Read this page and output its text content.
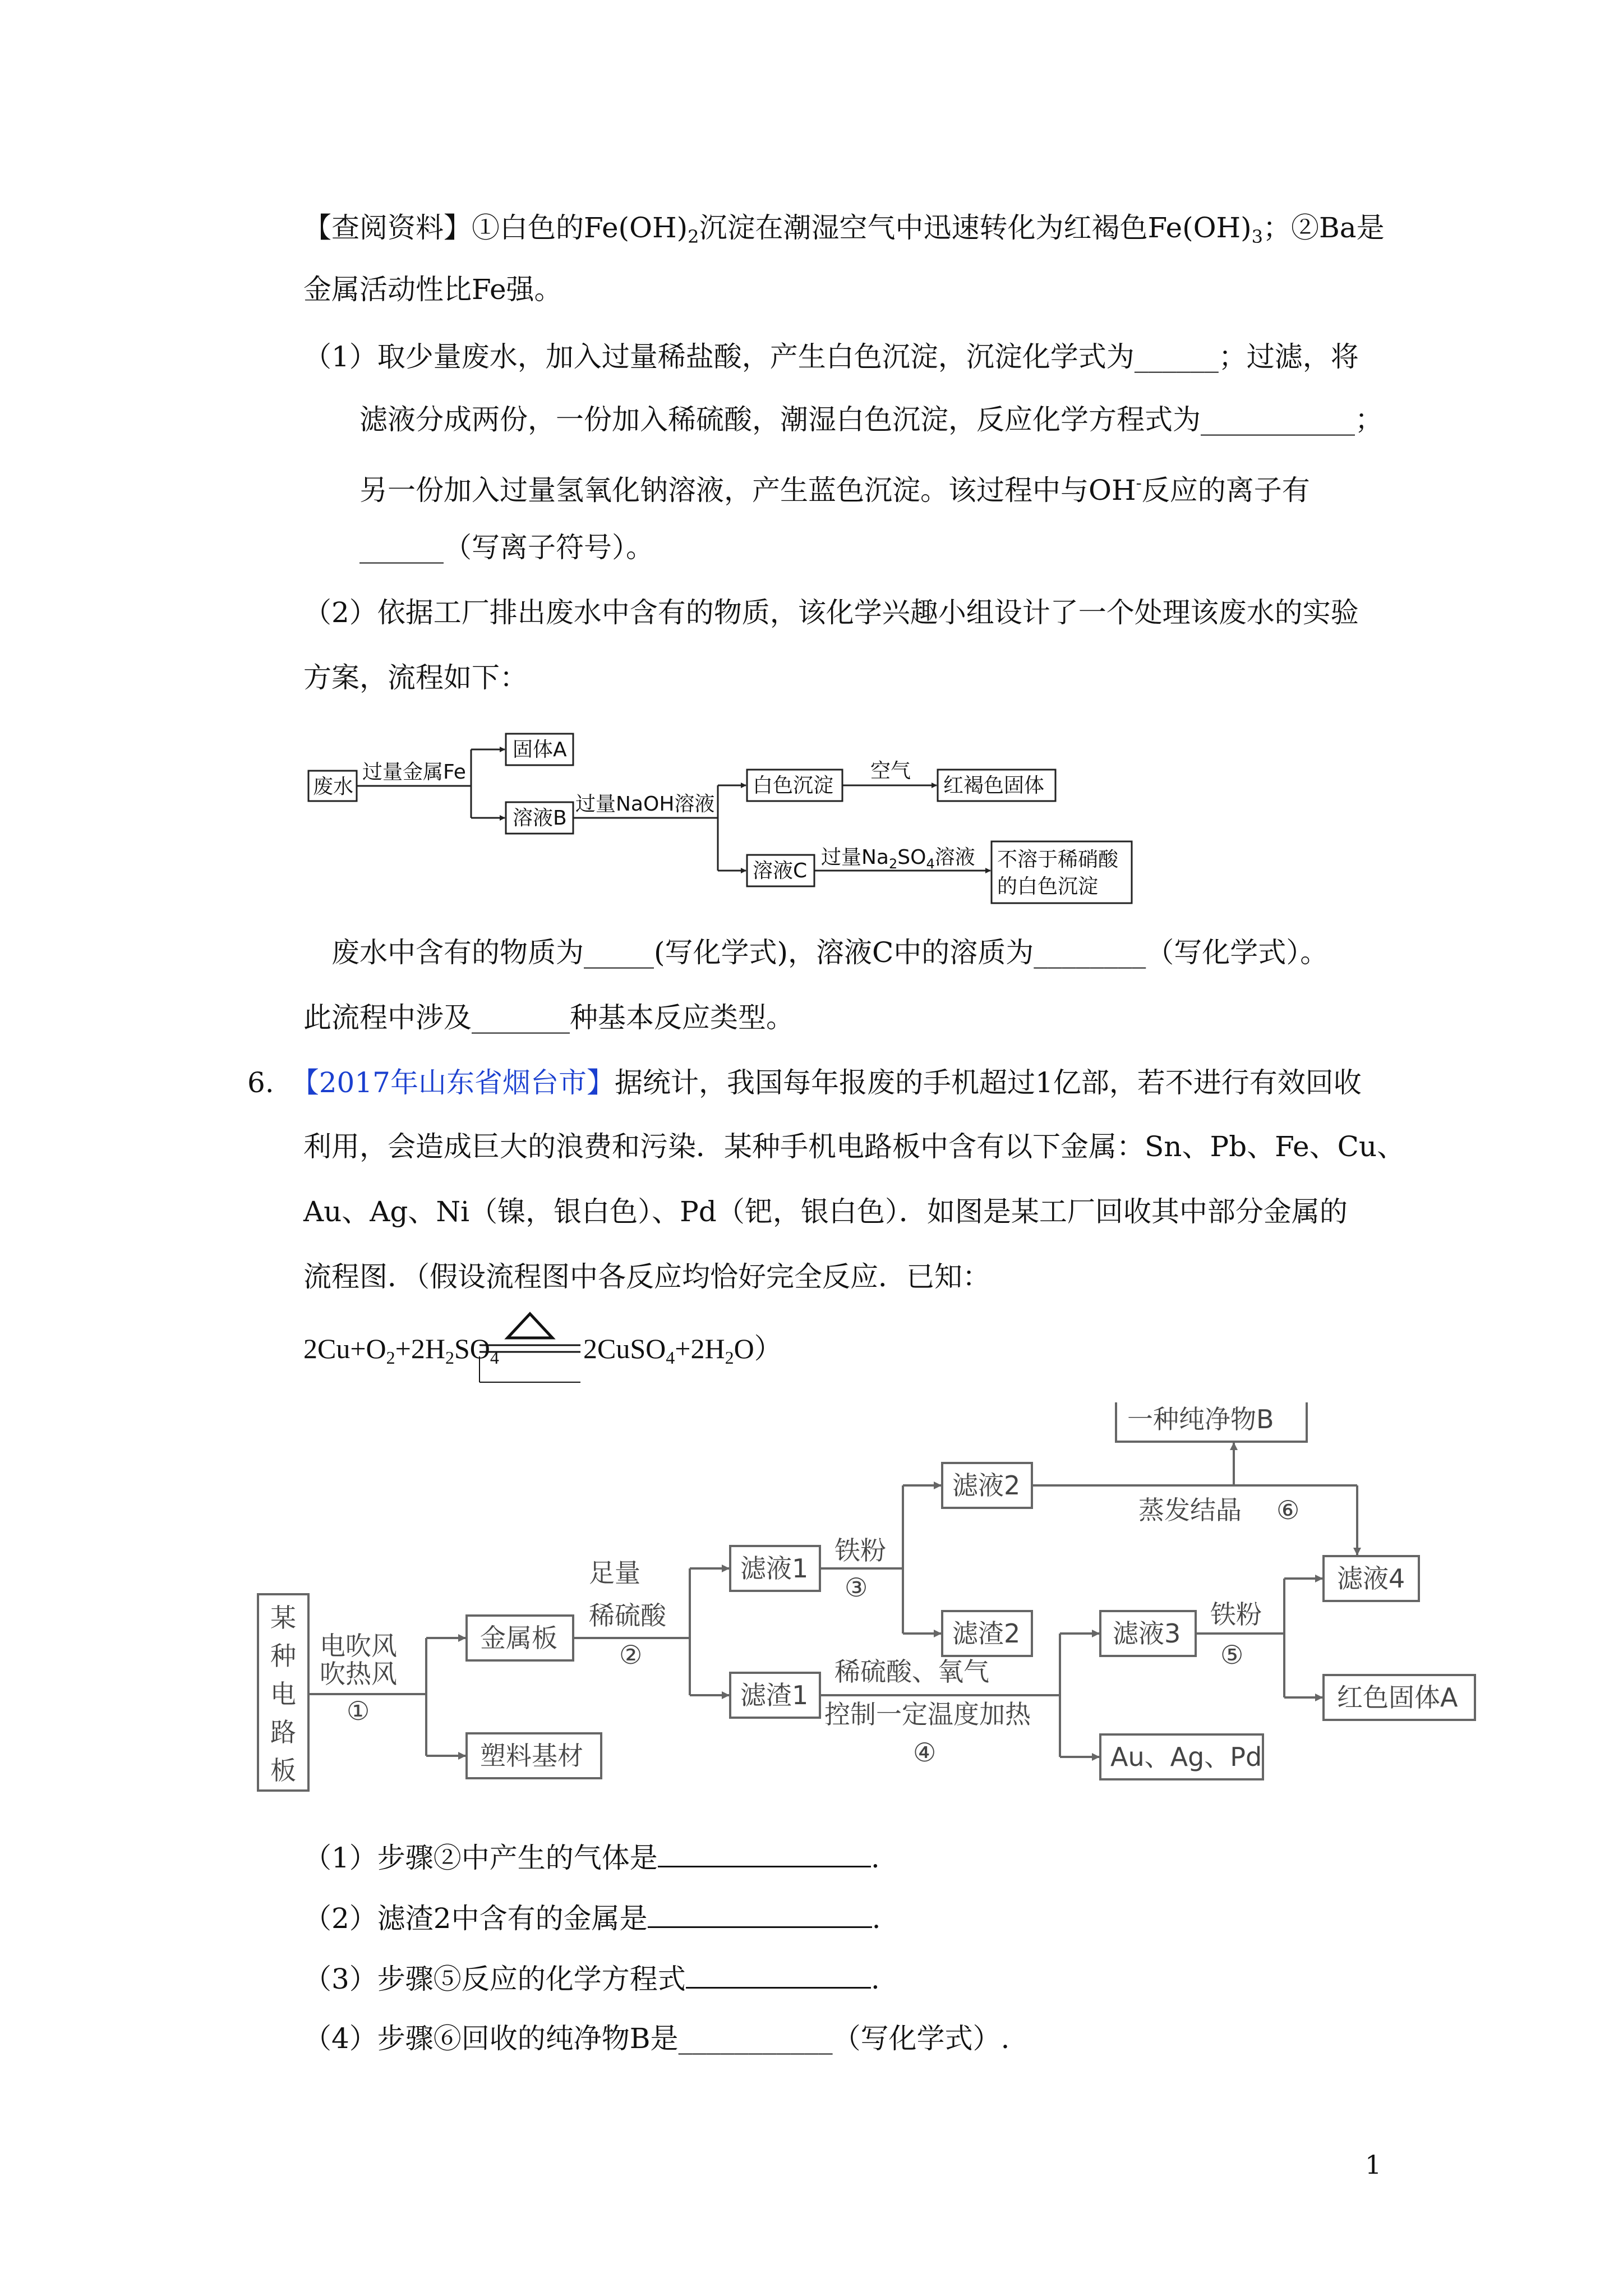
【查阅资料】①白色的$Fe(OH)_2$沉淀在潮湿空气中迅速转化为红褐色$Fe(OH)_3$；②Ba是
金属活动性比Fe强。
（1）取少量废水，加入过量稀盐酸，产生白色沉淀，沉淀化学式为______；过滤，将
滤液分成两份，一份加入稀硫酸，潮湿白色沉淀，反应化学方程式为___________；
另一份加入过量氢氧化钠溶液，产生蓝色沉淀。该过程中与OH-反应的离子有
______（写离子符号）。
（2）依据工厂排出废水中含有的物质，该化学兴趣小组设计了一个处理该废水的实验
方案，流程如下：
废水
过量金属Fe
固体A
溶液B
过量NaOH溶液
白色沉淀
空气
红褐色固体
溶液C
过量$Na_2SO_4$溶液 不溶于稀硝酸
的白色沉淀
废水中含有的物质为_____(写化学式)，溶液C中的溶质为________（写化学式）。
此流程中涉及_______种基本反应类型。
6. 【2017年山东省烟台市】据统计，我国每年报废的手机超过1亿部，若不进行有效回收
利用，会造成巨大的浪费和污染．某种手机电路板中含有以下金属：Sn、Pb、Fe、Cu、
Au、Ag、Ni（镍，银白色）、Pd（钯，银白色）．如图是某工厂回收其中部分金属的
流程图．（假设流程图中各反应均恰好完全反应．已知：
$2Cu+O_2+2H_2SO_4$	$2CuSO_4+2H_2O$）
某
种
电
路
板
电吹风
吹热风
①
金属板
塑料基材
足量
稀硫酸
②
滤液1
滤渣1
铁粉
③
滤液2
滤渣2
稀硫酸、氧气
控制一定温度加热
④
滤液3
Au、Ag、Pd
铁粉
⑤
滤液4
红色固体A
蒸发结晶 ⑥
一种纯净物B
（1）步骤②中产生的气体是	.
（2）滤渣2中含有的金属是	.
（3）步骤⑤反应的化学方程式	.
（4）步骤⑥回收的纯净物B是___________（写化学式）.
1
